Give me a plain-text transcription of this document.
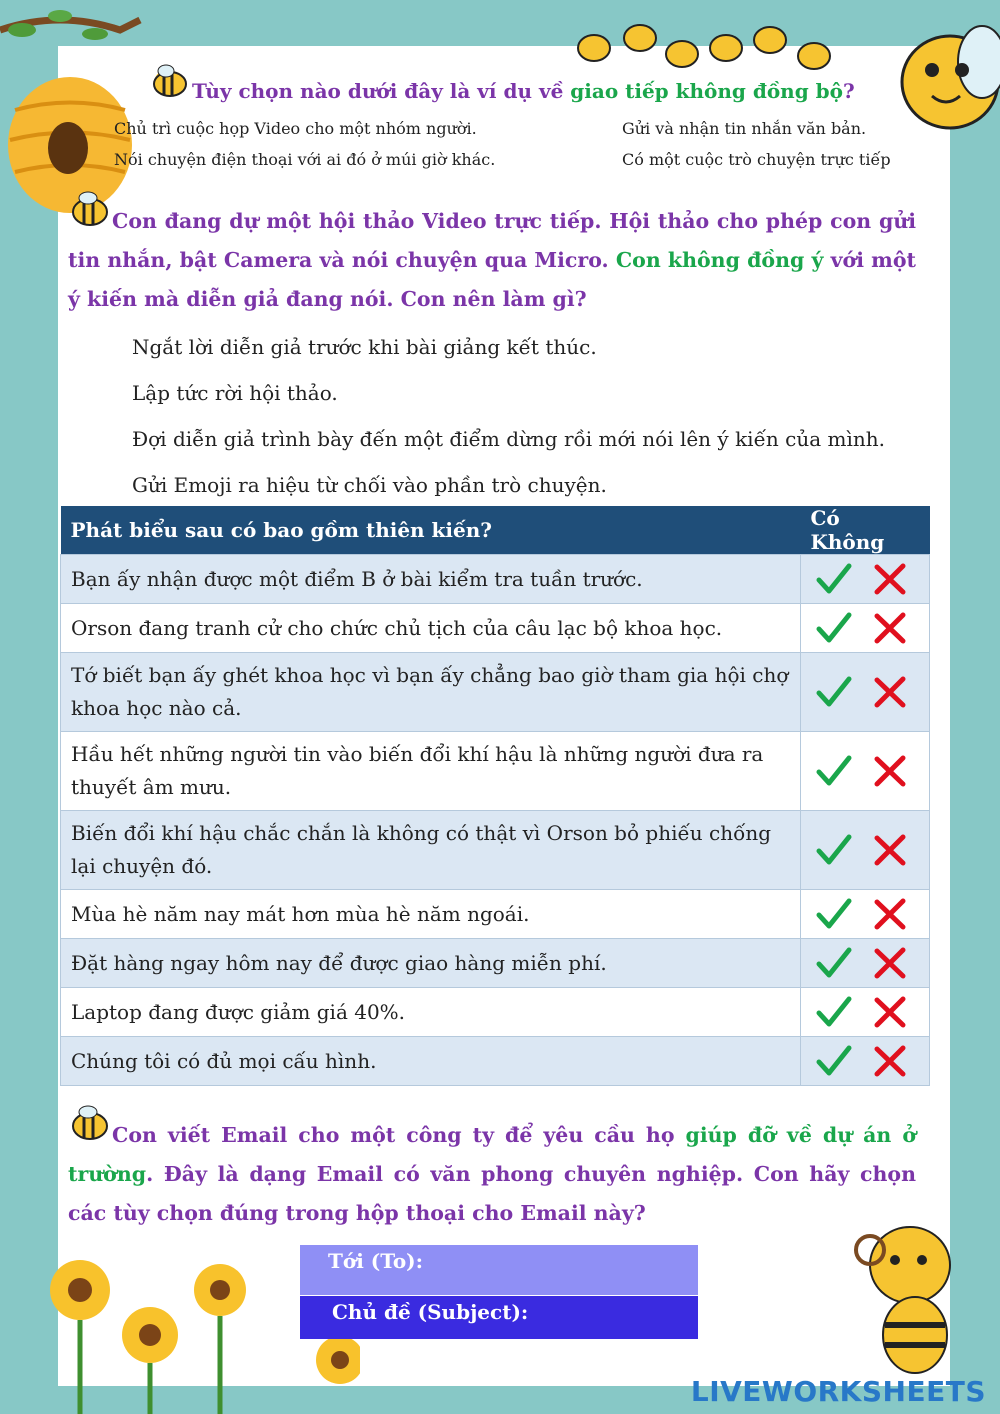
Tùy chọn nào dưới đây là ví dụ về giao tiếp không đồng bộ?
Chủ trì cuộc họp Video cho một nhóm người.	Gửi và nhận tin nhắn văn bản.
Nói chuyện điện thoại với ai đó ở múi giờ khác.	Có một cuộc trò chuyện trực tiếp
Con đang dự một hội thảo Video trực tiếp. Hội thảo cho phép con gửi tin nhắn, bật Camera và nói chuyện qua Micro. Con không đồng ý với một ý kiến mà diễn giả đang nói. Con nên làm gì?
Ngắt lời diễn giả trước khi bài giảng kết thúc.
Lập tức rời hội thảo.
Đợi diễn giả trình bày đến một điểm dừng rồi mới nói lên ý kiến của mình.
Gửi Emoji ra hiệu từ chối vào phần trò chuyện.
Phát biểu sau có bao gồm thiên kiến?	Có Không
Bạn ấy nhận được một điểm B ở bài kiểm tra tuần trước.	
Orson đang tranh cử cho chức chủ tịch của câu lạc bộ khoa học.	
Tớ biết bạn ấy ghét khoa học vì bạn ấy chẳng bao giờ tham gia hội chợ khoa học nào cả.	
Hầu hết những người tin vào biến đổi khí hậu là những người đưa ra thuyết âm mưu.	
Biến đổi khí hậu chắc chắn là không có thật vì Orson bỏ phiếu chống lại chuyện đó.	
Mùa hè năm nay mát hơn mùa hè năm ngoái.	
Đặt hàng ngay hôm nay để được giao hàng miễn phí.	
Laptop đang được giảm giá 40%.	
Chúng tôi có đủ mọi cấu hình.	
Con viết Email cho một công ty để yêu cầu họ giúp đỡ về dự án ở trường. Đây là dạng Email có văn phong chuyên nghiệp. Con hãy chọn các tùy chọn đúng trong hộp thoại cho Email này?
Tới (To):
Chủ đề (Subject):
LIVEWORKSHEETS
